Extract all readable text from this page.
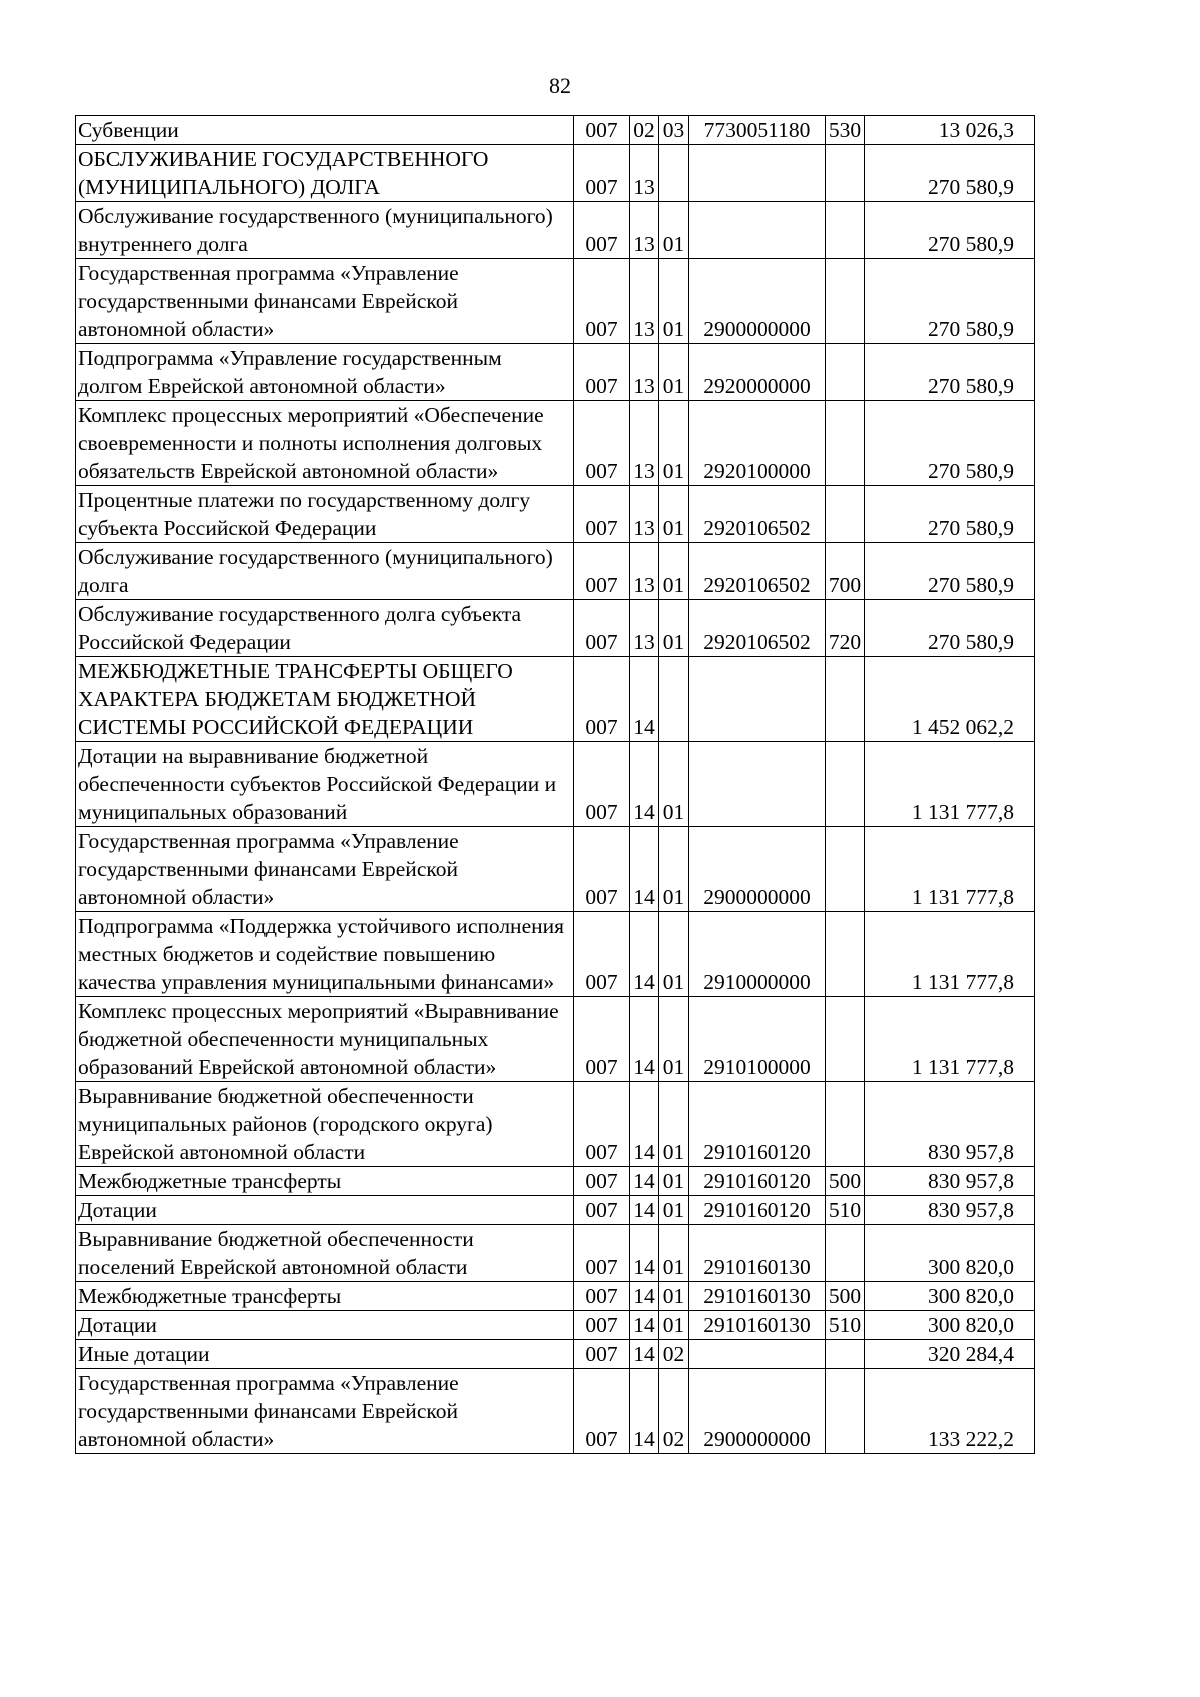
82
Субвенции	007	02	03	7730051180	530	13 026,3
ОБСЛУЖИВАНИЕ ГОСУДАРСТВЕННОГО (МУНИЦИПАЛЬНОГО) ДОЛГА	007	13				270 580,9
Обслуживание государственного (муниципального) внутреннего долга	007	13	01			270 580,9
Государственная программа «Управление государственными финансами Еврейской автономной области»	007	13	01	2900000000		270 580,9
Подпрограмма «Управление государственным долгом Еврейской автономной области»	007	13	01	2920000000		270 580,9
Комплекс процессных мероприятий «Обеспечение своевременности и полноты исполнения долговых обязательств Еврейской автономной области»	007	13	01	2920100000		270 580,9
Процентные платежи по государственному долгу субъекта Российской Федерации	007	13	01	2920106502		270 580,9
Обслуживание государственного (муниципального) долга	007	13	01	2920106502	700	270 580,9
Обслуживание государственного долга субъекта Российской Федерации	007	13	01	2920106502	720	270 580,9
МЕЖБЮДЖЕТНЫЕ ТРАНСФЕРТЫ ОБЩЕГО ХАРАКТЕРА БЮДЖЕТАМ БЮДЖЕТНОЙ СИСТЕМЫ РОССИЙСКОЙ ФЕДЕРАЦИИ	007	14				1 452 062,2
Дотации на выравнивание бюджетной обеспеченности субъектов Российской Федерации и муниципальных образований	007	14	01			1 131 777,8
Государственная программа «Управление государственными финансами Еврейской автономной области»	007	14	01	2900000000		1 131 777,8
Подпрограмма «Поддержка устойчивого исполнения местных бюджетов и содействие повышению качества управления муниципальными финансами»	007	14	01	2910000000		1 131 777,8
Комплекс процессных мероприятий «Выравнивание бюджетной обеспеченности муниципальных образований Еврейской автономной области»	007	14	01	2910100000		1 131 777,8
Выравнивание бюджетной обеспеченности муниципальных районов (городского округа) Еврейской автономной области	007	14	01	2910160120		830 957,8
Межбюджетные трансферты	007	14	01	2910160120	500	830 957,8
Дотации	007	14	01	2910160120	510	830 957,8
Выравнивание бюджетной обеспеченности поселений Еврейской автономной области	007	14	01	2910160130		300 820,0
Межбюджетные трансферты	007	14	01	2910160130	500	300 820,0
Дотации	007	14	01	2910160130	510	300 820,0
Иные дотации	007	14	02			320 284,4
Государственная программа «Управление государственными финансами Еврейской автономной области»	007	14	02	2900000000		133 222,2
